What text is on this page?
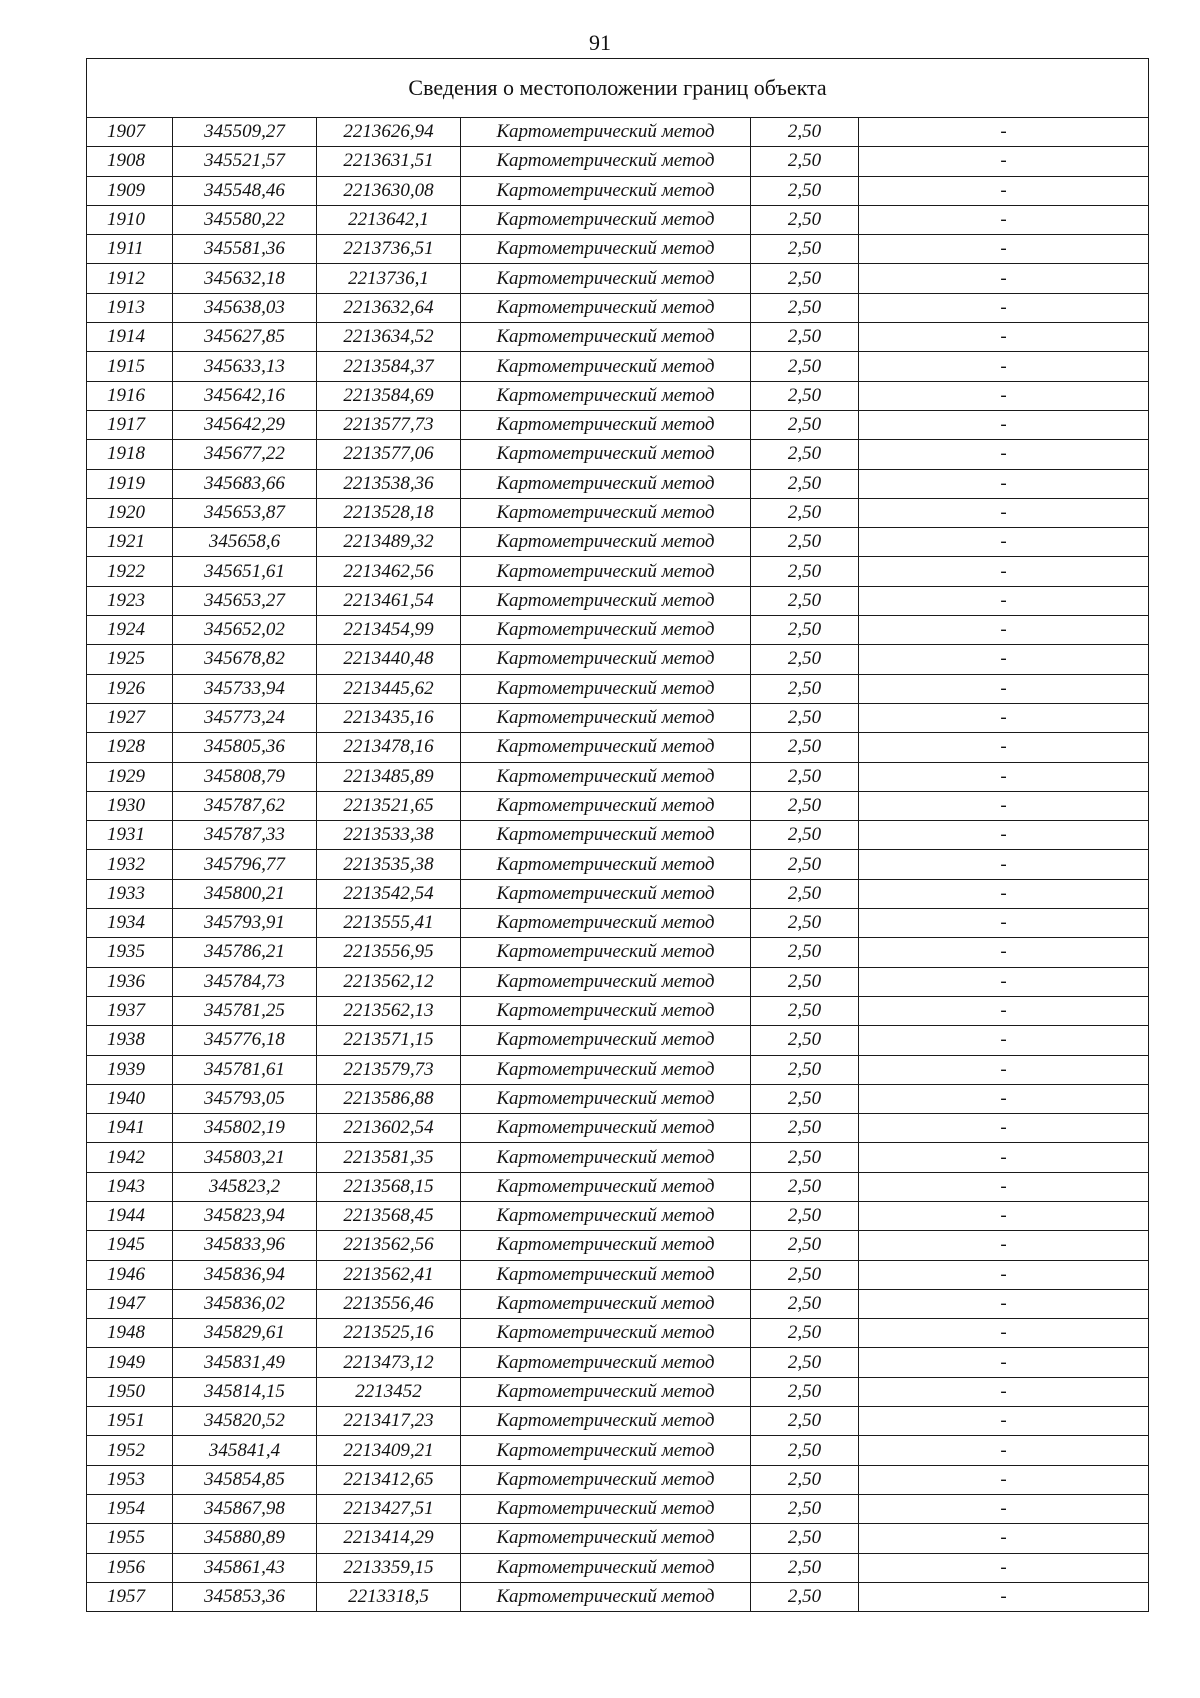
91
Сведения о местоположении границ объекта					
1907	345509,27	2213626,94	Картометрический метод	2,50	-
1908	345521,57	2213631,51	Картометрический метод	2,50	-
1909	345548,46	2213630,08	Картометрический метод	2,50	-
1910	345580,22	2213642,1	Картометрический метод	2,50	-
1911	345581,36	2213736,51	Картометрический метод	2,50	-
1912	345632,18	2213736,1	Картометрический метод	2,50	-
1913	345638,03	2213632,64	Картометрический метод	2,50	-
1914	345627,85	2213634,52	Картометрический метод	2,50	-
1915	345633,13	2213584,37	Картометрический метод	2,50	-
1916	345642,16	2213584,69	Картометрический метод	2,50	-
1917	345642,29	2213577,73	Картометрический метод	2,50	-
1918	345677,22	2213577,06	Картометрический метод	2,50	-
1919	345683,66	2213538,36	Картометрический метод	2,50	-
1920	345653,87	2213528,18	Картометрический метод	2,50	-
1921	345658,6	2213489,32	Картометрический метод	2,50	-
1922	345651,61	2213462,56	Картометрический метод	2,50	-
1923	345653,27	2213461,54	Картометрический метод	2,50	-
1924	345652,02	2213454,99	Картометрический метод	2,50	-
1925	345678,82	2213440,48	Картометрический метод	2,50	-
1926	345733,94	2213445,62	Картометрический метод	2,50	-
1927	345773,24	2213435,16	Картометрический метод	2,50	-
1928	345805,36	2213478,16	Картометрический метод	2,50	-
1929	345808,79	2213485,89	Картометрический метод	2,50	-
1930	345787,62	2213521,65	Картометрический метод	2,50	-
1931	345787,33	2213533,38	Картометрический метод	2,50	-
1932	345796,77	2213535,38	Картометрический метод	2,50	-
1933	345800,21	2213542,54	Картометрический метод	2,50	-
1934	345793,91	2213555,41	Картометрический метод	2,50	-
1935	345786,21	2213556,95	Картометрический метод	2,50	-
1936	345784,73	2213562,12	Картометрический метод	2,50	-
1937	345781,25	2213562,13	Картометрический метод	2,50	-
1938	345776,18	2213571,15	Картометрический метод	2,50	-
1939	345781,61	2213579,73	Картометрический метод	2,50	-
1940	345793,05	2213586,88	Картометрический метод	2,50	-
1941	345802,19	2213602,54	Картометрический метод	2,50	-
1942	345803,21	2213581,35	Картометрический метод	2,50	-
1943	345823,2	2213568,15	Картометрический метод	2,50	-
1944	345823,94	2213568,45	Картометрический метод	2,50	-
1945	345833,96	2213562,56	Картометрический метод	2,50	-
1946	345836,94	2213562,41	Картометрический метод	2,50	-
1947	345836,02	2213556,46	Картометрический метод	2,50	-
1948	345829,61	2213525,16	Картометрический метод	2,50	-
1949	345831,49	2213473,12	Картометрический метод	2,50	-
1950	345814,15	2213452	Картометрический метод	2,50	-
1951	345820,52	2213417,23	Картометрический метод	2,50	-
1952	345841,4	2213409,21	Картометрический метод	2,50	-
1953	345854,85	2213412,65	Картометрический метод	2,50	-
1954	345867,98	2213427,51	Картометрический метод	2,50	-
1955	345880,89	2213414,29	Картометрический метод	2,50	-
1956	345861,43	2213359,15	Картометрический метод	2,50	-
1957	345853,36	2213318,5	Картометрический метод	2,50	-
